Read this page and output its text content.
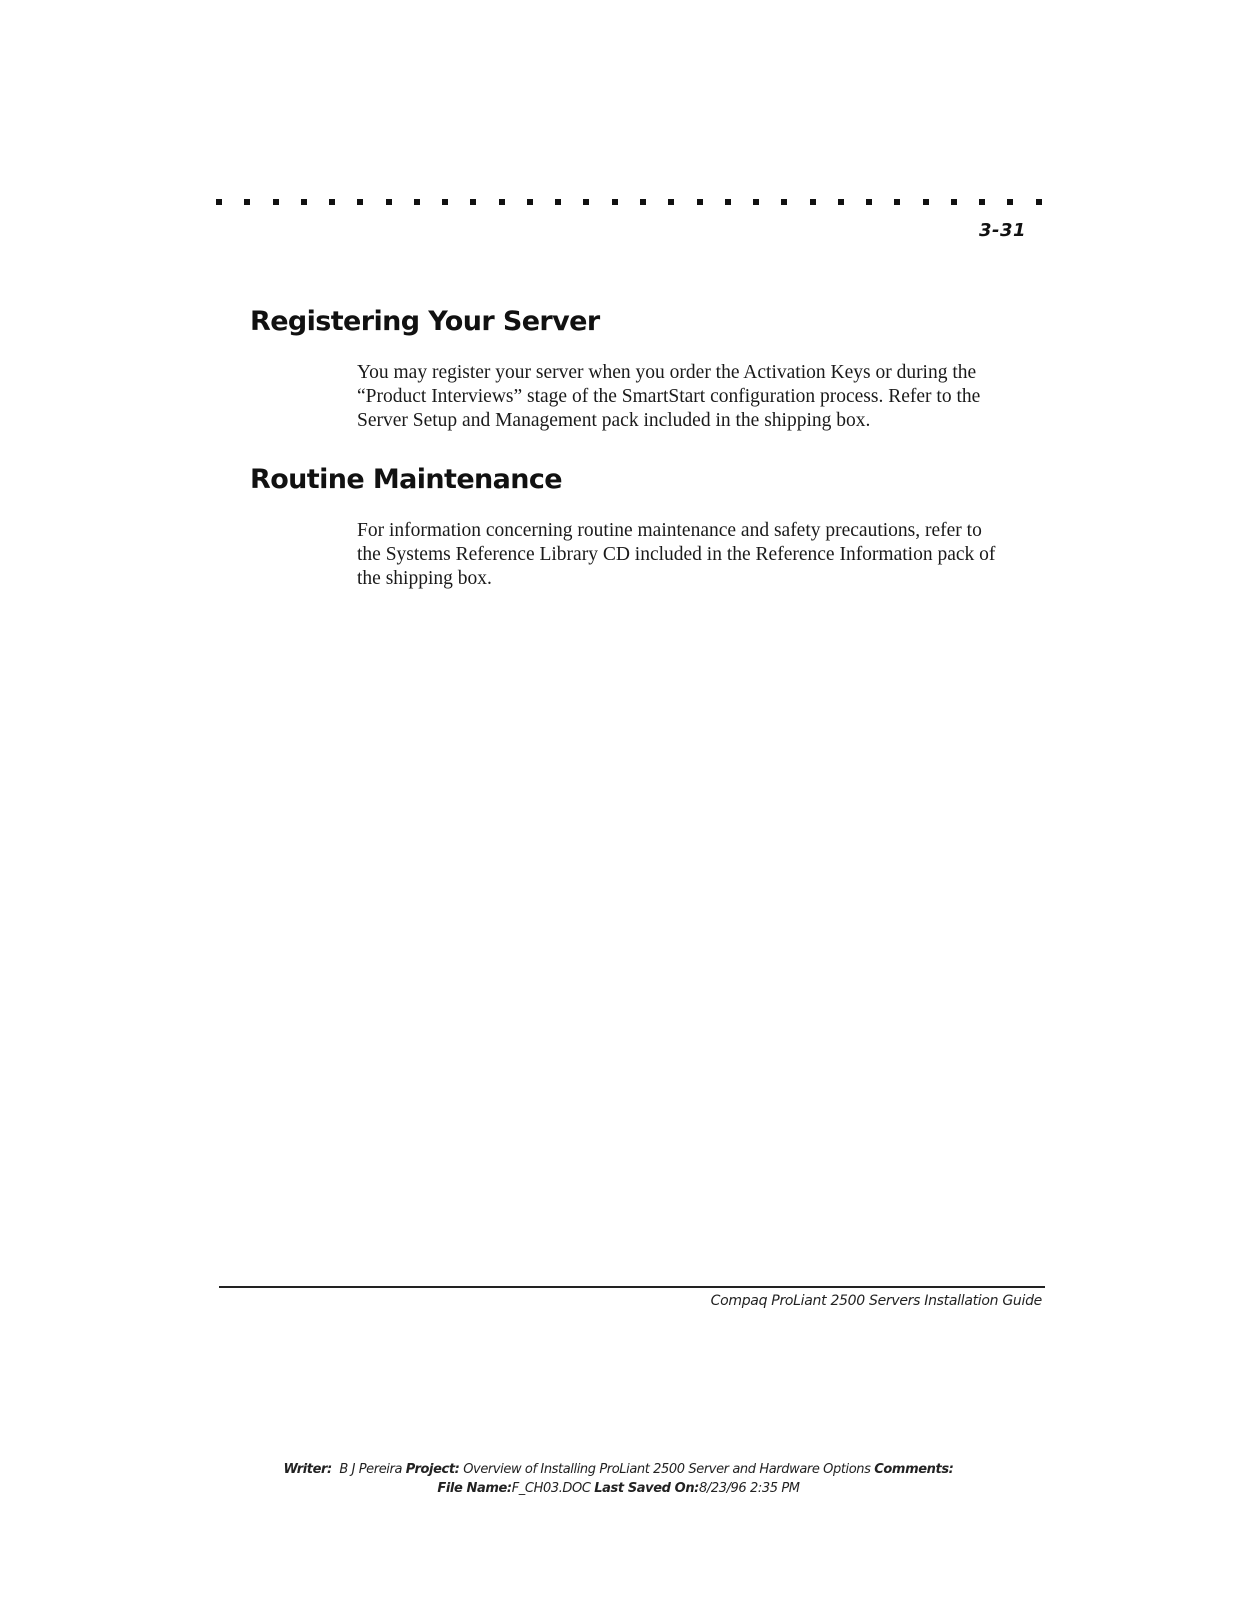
3-31
Registering Your Server

You may register your server when you order the Activation Keys or during the “Product Interviews” stage of the SmartStart configuration process. Refer to the Server Setup and Management pack included in the shipping box.

Routine Maintenance

For information concerning routine maintenance and safety precautions, refer to the Systems Reference Library CD included in the Reference Information pack of the shipping box.

Compaq ProLiant 2500 Servers Installation Guide
Writer: B J Pereira Project: Overview of Installing ProLiant 2500 Server and Hardware Options Comments:
File Name:F_CH03.DOC Last Saved On:8/23/96 2:35 PM
